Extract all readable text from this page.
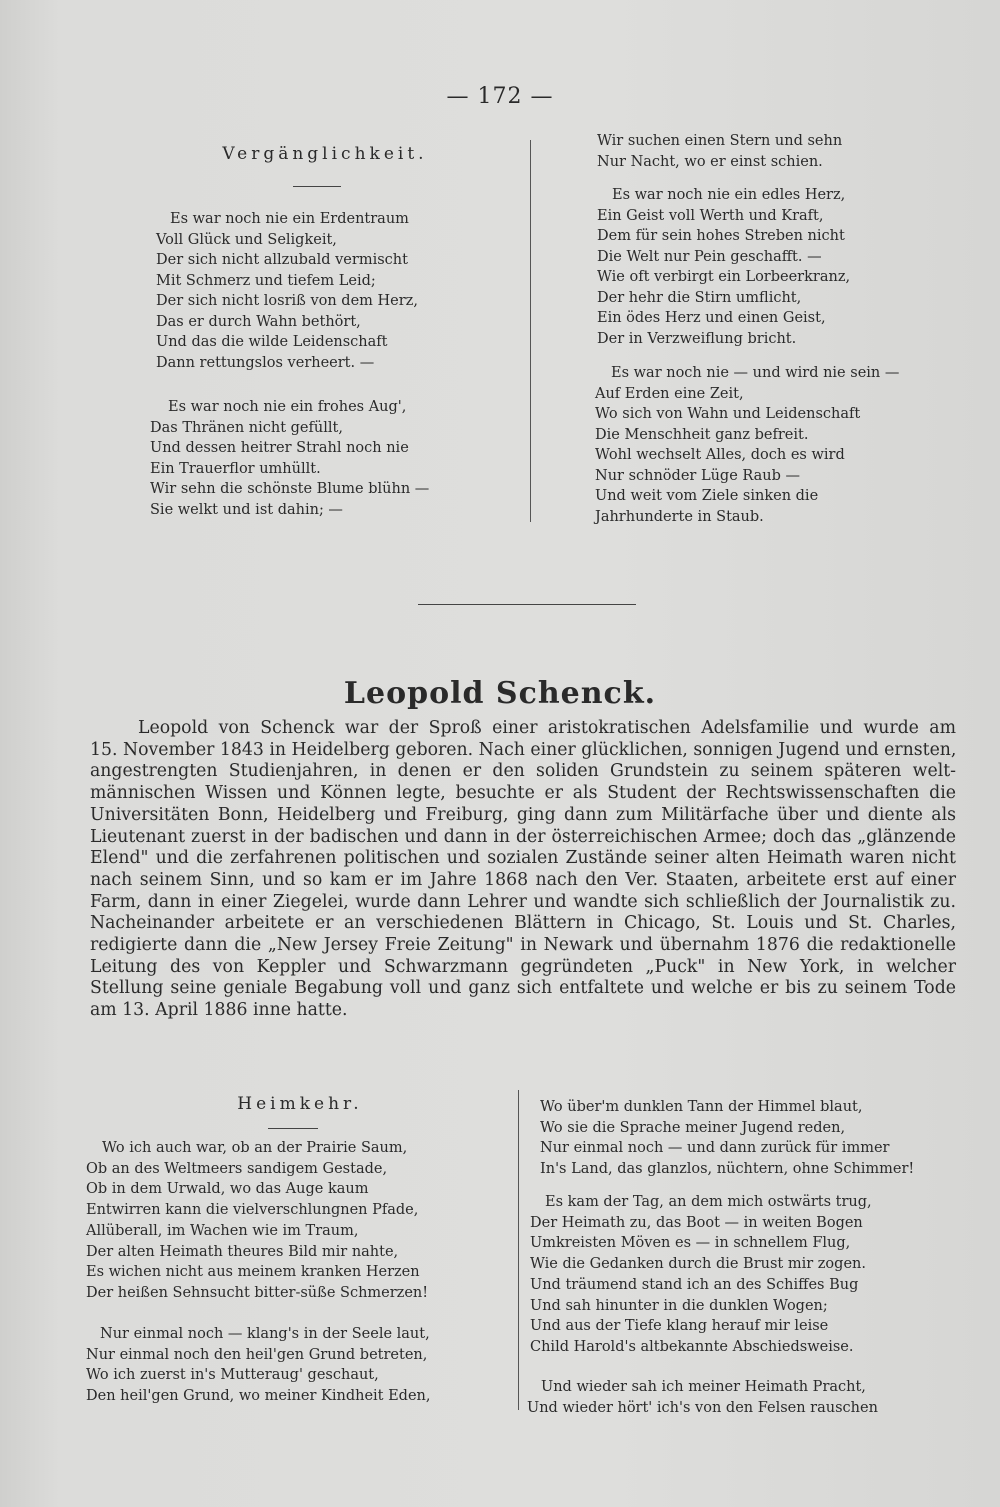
— 172 —
Vergänglichkeit.
Es war noch nie ein Erdentraum
Voll Glück und Seligkeit,
Der sich nicht allzubald vermischt
Mit Schmerz und tiefem Leid;
Der sich nicht losriß von dem Herz,
Das er durch Wahn bethört,
Und das die wilde Leidenschaft
Dann rettungslos verheert. —
Es war noch nie ein frohes Aug',
Das Thränen nicht gefüllt,
Und dessen heitrer Strahl noch nie
Ein Trauerflor umhüllt.
Wir sehn die schönste Blume blühn —
Sie welkt und ist dahin; —
Wir suchen einen Stern und sehn
Nur Nacht, wo er einst schien.
Es war noch nie ein edles Herz,
Ein Geist voll Werth und Kraft,
Dem für sein hohes Streben nicht
Die Welt nur Pein geschafft. —
Wie oft verbirgt ein Lorbeerkranz,
Der hehr die Stirn umflicht,
Ein ödes Herz und einen Geist,
Der in Verzweiflung bricht.
Es war noch nie — und wird nie sein —
Auf Erden eine Zeit,
Wo sich von Wahn und Leidenschaft
Die Menschheit ganz befreit.
Wohl wechselt Alles, doch es wird
Nur schnöder Lüge Raub —
Und weit vom Ziele sinken die
Jahrhunderte in Staub.
Leopold Schenck.
Leopold von Schenck war der Sproß einer aristokratischen Adelsfamilie und wurde am
15. November 1843 in Heidelberg geboren. Nach einer glücklichen, sonnigen Jugend und ernsten,
angestrengten Studienjahren, in denen er den soliden Grundstein zu seinem späteren welt-
männischen Wissen und Können legte, besuchte er als Student der Rechtswissenschaften die
Universitäten Bonn, Heidelberg und Freiburg, ging dann zum Militärfache über und diente als
Lieutenant zuerst in der badischen und dann in der österreichischen Armee; doch das „glänzende
Elend" und die zerfahrenen politischen und sozialen Zustände seiner alten Heimath waren nicht
nach seinem Sinn, und so kam er im Jahre 1868 nach den Ver. Staaten, arbeitete erst auf einer
Farm, dann in einer Ziegelei, wurde dann Lehrer und wandte sich schließlich der Journalistik zu.
Nacheinander arbeitete er an verschiedenen Blättern in Chicago, St. Louis und St. Charles,
redigierte dann die „New Jersey Freie Zeitung" in Newark und übernahm 1876 die redaktionelle
Leitung des von Keppler und Schwarzmann gegründeten „Puck" in New York, in welcher
Stellung seine geniale Begabung voll und ganz sich entfaltete und welche er bis zu seinem Tode
am 13. April 1886 inne hatte.
Heimkehr.
Wo ich auch war, ob an der Prairie Saum,
Ob an des Weltmeers sandigem Gestade,
Ob in dem Urwald, wo das Auge kaum
Entwirren kann die vielverschlungnen Pfade,
Allüberall, im Wachen wie im Traum,
Der alten Heimath theures Bild mir nahte,
Es wichen nicht aus meinem kranken Herzen
Der heißen Sehnsucht bitter-süße Schmerzen!
Nur einmal noch — klang's in der Seele laut,
Nur einmal noch den heil'gen Grund betreten,
Wo ich zuerst in's Mutteraug' geschaut,
Den heil'gen Grund, wo meiner Kindheit Eden,
Wo über'm dunklen Tann der Himmel blaut,
Wo sie die Sprache meiner Jugend reden,
Nur einmal noch — und dann zurück für immer
In's Land, das glanzlos, nüchtern, ohne Schimmer!
Es kam der Tag, an dem mich ostwärts trug,
Der Heimath zu, das Boot — in weiten Bogen
Umkreisten Möven es — in schnellem Flug,
Wie die Gedanken durch die Brust mir zogen.
Und träumend stand ich an des Schiffes Bug
Und sah hinunter in die dunklen Wogen;
Und aus der Tiefe klang herauf mir leise
Child Harold's altbekannte Abschiedsweise.
Und wieder sah ich meiner Heimath Pracht,
Und wieder hört' ich's von den Felsen rauschen
